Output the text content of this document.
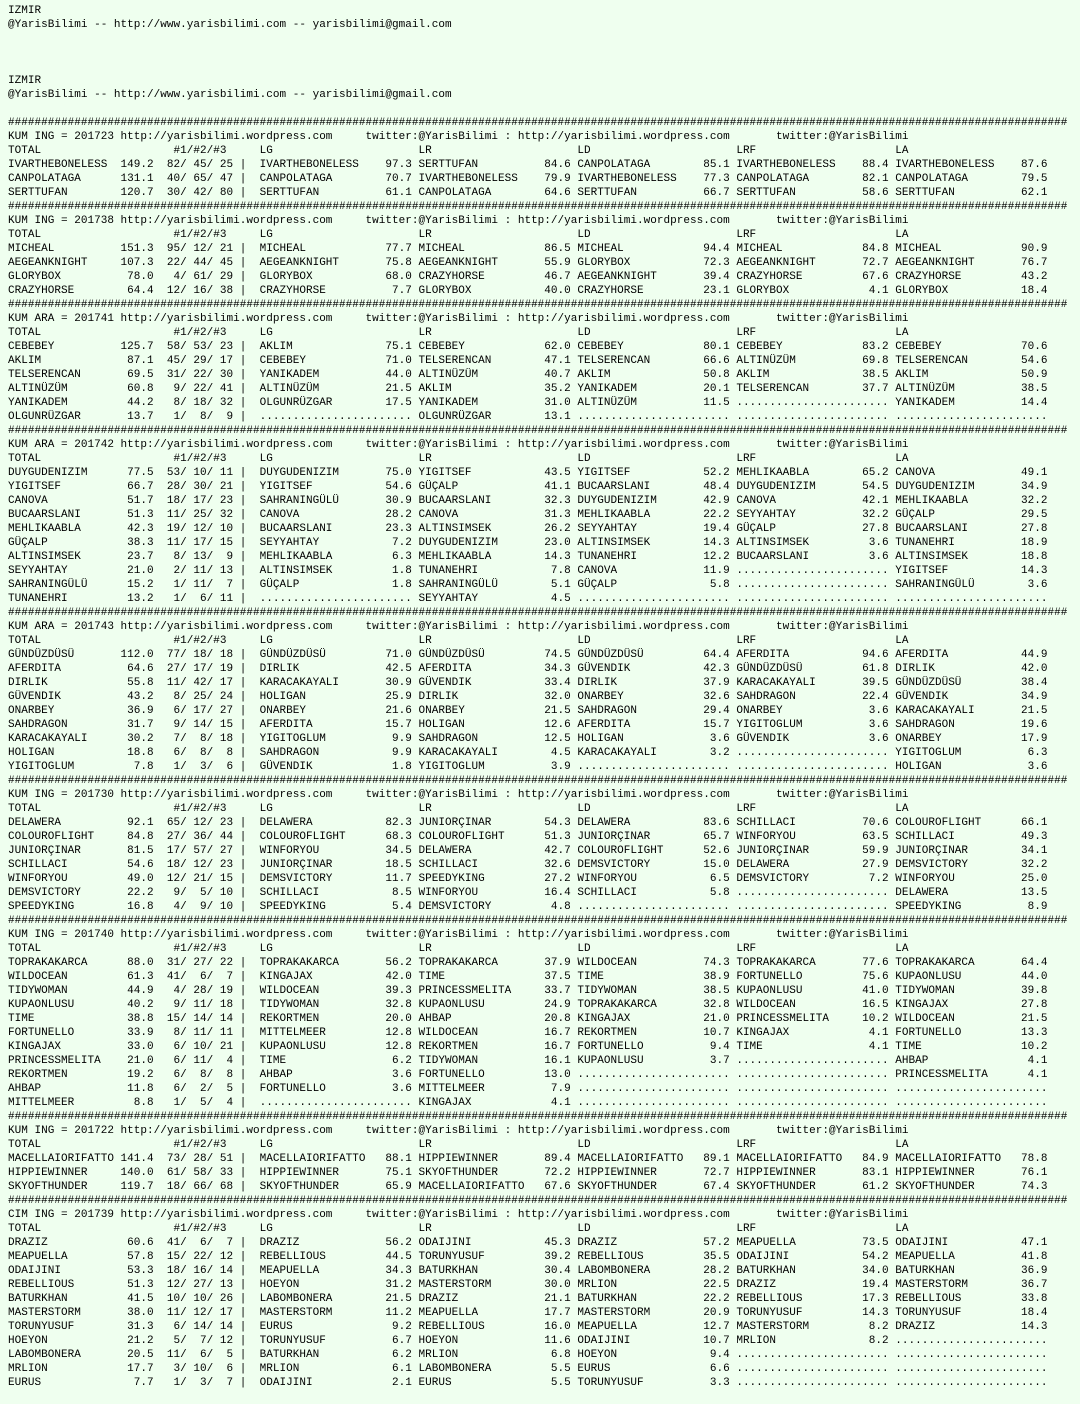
IZMIR
@YarisBilimi -- http://www.yarisbilimi.com -- yarisbilimi@gmail.com
IZMIR
@YarisBilimi -- http://www.yarisbilimi.com -- yarisbilimi@gmail.com
################################################################################################################################################################
KUM ING = 201723 http://yarisbilimi.wordpress.com     twitter:@YarisBilimi : http://yarisbilimi.wordpress.com       twitter:@YarisBilimi
TOTAL                    #1/#2/#3     LG                      LR                      LD                      LRF                     LA
IVARTHEBONELESS  149.2  82/ 45/ 25 |  IVARTHEBONELESS    97.3 SERTTUFAN          84.6 CANPOLATAGA        85.1 IVARTHEBONELESS    88.4 IVARTHEBONELESS    87.6
CANPOLATAGA      131.1  40/ 65/ 47 |  CANPOLATAGA        70.7 IVARTHEBONELESS    79.9 IVARTHEBONELESS    77.3 CANPOLATAGA        82.1 CANPOLATAGA        79.5
SERTTUFAN        120.7  30/ 42/ 80 |  SERTTUFAN          61.1 CANPOLATAGA        64.6 SERTTUFAN          66.7 SERTTUFAN          58.6 SERTTUFAN          62.1
################################################################################################################################################################
KUM ING = 201738 http://yarisbilimi.wordpress.com     twitter:@YarisBilimi : http://yarisbilimi.wordpress.com       twitter:@YarisBilimi
TOTAL                    #1/#2/#3     LG                      LR                      LD                      LRF                     LA
MICHEAL          151.3  95/ 12/ 21 |  MICHEAL            77.7 MICHEAL            86.5 MICHEAL            94.4 MICHEAL            84.8 MICHEAL            90.9
AEGEANKNIGHT     107.3  22/ 44/ 45 |  AEGEANKNIGHT       75.8 AEGEANKNIGHT       55.9 GLORYBOX           72.3 AEGEANKNIGHT       72.7 AEGEANKNIGHT       76.7
GLORYBOX          78.0   4/ 61/ 29 |  GLORYBOX           68.0 CRAZYHORSE         46.7 AEGEANKNIGHT       39.4 CRAZYHORSE         67.6 CRAZYHORSE         43.2
CRAZYHORSE        64.4  12/ 16/ 38 |  CRAZYHORSE          7.7 GLORYBOX           40.0 CRAZYHORSE         23.1 GLORYBOX            4.1 GLORYBOX           18.4
################################################################################################################################################################
KUM ARA = 201741 http://yarisbilimi.wordpress.com     twitter:@YarisBilimi : http://yarisbilimi.wordpress.com       twitter:@YarisBilimi
TOTAL                    #1/#2/#3     LG                      LR                      LD                      LRF                     LA
CEBEBEY          125.7  58/ 53/ 23 |  AKLIM              75.1 CEBEBEY            62.0 CEBEBEY            80.1 CEBEBEY            83.2 CEBEBEY            70.6
AKLIM             87.1  45/ 29/ 17 |  CEBEBEY            71.0 TELSERENCAN        47.1 TELSERENCAN        66.6 ALTINÜZÜM          69.8 TELSERENCAN        54.6
TELSERENCAN       69.5  31/ 22/ 30 |  YANIKADEM          44.0 ALTINÜZÜM          40.7 AKLIM              50.8 AKLIM              38.5 AKLIM              50.9
ALTINÜZÜM         60.8   9/ 22/ 41 |  ALTINÜZÜM          21.5 AKLIM              35.2 YANIKADEM          20.1 TELSERENCAN        37.7 ALTINÜZÜM          38.5
YANIKADEM         44.2   8/ 18/ 32 |  OLGUNRÜZGAR        17.5 YANIKADEM          31.0 ALTINÜZÜM          11.5 ....................... YANIKADEM          14.4
OLGUNRÜZGAR       13.7   1/  8/  9 |  ....................... OLGUNRÜZGAR        13.1 ....................... ....................... .......................
################################################################################################################################################################
KUM ARA = 201742 http://yarisbilimi.wordpress.com     twitter:@YarisBilimi : http://yarisbilimi.wordpress.com       twitter:@YarisBilimi
TOTAL                    #1/#2/#3     LG                      LR                      LD                      LRF                     LA
DUYGUDENIZIM      77.5  53/ 10/ 11 |  DUYGUDENIZIM       75.0 YIGITSEF           43.5 YIGITSEF           52.2 MEHLIKAABLA        65.2 CANOVA             49.1
YIGITSEF          66.7  28/ 30/ 21 |  YIGITSEF           54.6 GÜÇALP             41.1 BUCAARSLANI        48.4 DUYGUDENIZIM       54.5 DUYGUDENIZIM       34.9
CANOVA            51.7  18/ 17/ 23 |  SAHRANINGÜLÜ       30.9 BUCAARSLANI        32.3 DUYGUDENIZIM       42.9 CANOVA             42.1 MEHLIKAABLA        32.2
BUCAARSLANI       51.3  11/ 25/ 32 |  CANOVA             28.2 CANOVA             31.3 MEHLIKAABLA        22.2 SEYYAHTAY          32.2 GÜÇALP             29.5
MEHLIKAABLA       42.3  19/ 12/ 10 |  BUCAARSLANI        23.3 ALTINSIMSEK        26.2 SEYYAHTAY          19.4 GÜÇALP             27.8 BUCAARSLANI        27.8
GÜÇALP            38.3  11/ 17/ 15 |  SEYYAHTAY           7.2 DUYGUDENIZIM       23.0 ALTINSIMSEK        14.3 ALTINSIMSEK         3.6 TUNANEHRI          18.9
ALTINSIMSEK       23.7   8/ 13/  9 |  MEHLIKAABLA         6.3 MEHLIKAABLA        14.3 TUNANEHRI          12.2 BUCAARSLANI         3.6 ALTINSIMSEK        18.8
SEYYAHTAY         21.0   2/ 11/ 13 |  ALTINSIMSEK         1.8 TUNANEHRI           7.8 CANOVA             11.9 ....................... YIGITSEF           14.3
SAHRANINGÜLÜ      15.2   1/ 11/  7 |  GÜÇALP              1.8 SAHRANINGÜLÜ        5.1 GÜÇALP              5.8 ....................... SAHRANINGÜLÜ        3.6
TUNANEHRI         13.2   1/  6/ 11 |  ....................... SEYYAHTAY           4.5 ....................... ....................... .......................
################################################################################################################################################################
KUM ARA = 201743 http://yarisbilimi.wordpress.com     twitter:@YarisBilimi : http://yarisbilimi.wordpress.com       twitter:@YarisBilimi
TOTAL                    #1/#2/#3     LG                      LR                      LD                      LRF                     LA
GÜNDÜZDÜSÜ       112.0  77/ 18/ 18 |  GÜNDÜZDÜSÜ         71.0 GÜNDÜZDÜSÜ         74.5 GÜNDÜZDÜSÜ         64.4 AFERDITA           94.6 AFERDITA           44.9
AFERDITA          64.6  27/ 17/ 19 |  DIRLIK             42.5 AFERDITA           34.3 GÜVENDIK           42.3 GÜNDÜZDÜSÜ         61.8 DIRLIK             42.0
DIRLIK            55.8  11/ 42/ 17 |  KARACAKAYALI       30.9 GÜVENDIK           33.4 DIRLIK             37.9 KARACAKAYALI       39.5 GÜNDÜZDÜSÜ         38.4
GÜVENDIK          43.2   8/ 25/ 24 |  HOLIGAN            25.9 DIRLIK             32.0 ONARBEY            32.6 SAHDRAGON          22.4 GÜVENDIK           34.9
ONARBEY           36.9   6/ 17/ 27 |  ONARBEY            21.6 ONARBEY            21.5 SAHDRAGON          29.4 ONARBEY             3.6 KARACAKAYALI       21.5
SAHDRAGON         31.7   9/ 14/ 15 |  AFERDITA           15.7 HOLIGAN            12.6 AFERDITA           15.7 YIGITOGLUM          3.6 SAHDRAGON          19.6
KARACAKAYALI      30.2   7/  8/ 18 |  YIGITOGLUM          9.9 SAHDRAGON          12.5 HOLIGAN             3.6 GÜVENDIK            3.6 ONARBEY            17.9
HOLIGAN           18.8   6/  8/  8 |  SAHDRAGON           9.9 KARACAKAYALI        4.5 KARACAKAYALI        3.2 ....................... YIGITOGLUM          6.3
YIGITOGLUM         7.8   1/  3/  6 |  GÜVENDIK            1.8 YIGITOGLUM          3.9 ....................... ....................... HOLIGAN             3.6
################################################################################################################################################################
KUM ING = 201730 http://yarisbilimi.wordpress.com     twitter:@YarisBilimi : http://yarisbilimi.wordpress.com       twitter:@YarisBilimi
TOTAL                    #1/#2/#3     LG                      LR                      LD                      LRF                     LA
DELAWERA          92.1  65/ 12/ 23 |  DELAWERA           82.3 JUNIORÇINAR        54.3 DELAWERA           83.6 SCHILLACI          70.6 COLOUROFLIGHT      66.1
COLOUROFLIGHT     84.8  27/ 36/ 44 |  COLOUROFLIGHT      68.3 COLOUROFLIGHT      51.3 JUNIORÇINAR        65.7 WINFORYOU          63.5 SCHILLACI          49.3
JUNIORÇINAR       81.5  17/ 57/ 27 |  WINFORYOU          34.5 DELAWERA           42.7 COLOUROFLIGHT      52.6 JUNIORÇINAR        59.9 JUNIORÇINAR        34.1
SCHILLACI         54.6  18/ 12/ 23 |  JUNIORÇINAR        18.5 SCHILLACI          32.6 DEMSVICTORY        15.0 DELAWERA           27.9 DEMSVICTORY        32.2
WINFORYOU         49.0  12/ 21/ 15 |  DEMSVICTORY        11.7 SPEEDYKING         27.2 WINFORYOU           6.5 DEMSVICTORY         7.2 WINFORYOU          25.0
DEMSVICTORY       22.2   9/  5/ 10 |  SCHILLACI           8.5 WINFORYOU          16.4 SCHILLACI           5.8 ....................... DELAWERA           13.5
SPEEDYKING        16.8   4/  9/ 10 |  SPEEDYKING          5.4 DEMSVICTORY         4.8 ....................... ....................... SPEEDYKING          8.9
################################################################################################################################################################
KUM ING = 201740 http://yarisbilimi.wordpress.com     twitter:@YarisBilimi : http://yarisbilimi.wordpress.com       twitter:@YarisBilimi
TOTAL                    #1/#2/#3     LG                      LR                      LD                      LRF                     LA
TOPRAKAKARCA      88.0  31/ 27/ 22 |  TOPRAKAKARCA       56.2 TOPRAKAKARCA       37.9 WILDOCEAN          74.3 TOPRAKAKARCA       77.6 TOPRAKAKARCA       64.4
WILDOCEAN         61.3  41/  6/  7 |  KINGAJAX           42.0 TIME               37.5 TIME               38.9 FORTUNELLO         75.6 KUPAONLUSU         44.0
TIDYWOMAN         44.9   4/ 28/ 19 |  WILDOCEAN          39.3 PRINCESSMELITA     33.7 TIDYWOMAN          38.5 KUPAONLUSU         41.0 TIDYWOMAN          39.8
KUPAONLUSU        40.2   9/ 11/ 18 |  TIDYWOMAN          32.8 KUPAONLUSU         24.9 TOPRAKAKARCA       32.8 WILDOCEAN          16.5 KINGAJAX           27.8
TIME              38.8  15/ 14/ 14 |  REKORTMEN          20.0 AHBAP              20.8 KINGAJAX           21.0 PRINCESSMELITA     10.2 WILDOCEAN          21.5
FORTUNELLO        33.9   8/ 11/ 11 |  MITTELMEER         12.8 WILDOCEAN          16.7 REKORTMEN          10.7 KINGAJAX            4.1 FORTUNELLO         13.3
KINGAJAX          33.0   6/ 10/ 21 |  KUPAONLUSU         12.8 REKORTMEN          16.7 FORTUNELLO          9.4 TIME                4.1 TIME               10.2
PRINCESSMELITA    21.0   6/ 11/  4 |  TIME                6.2 TIDYWOMAN          16.1 KUPAONLUSU          3.7 ....................... AHBAP               4.1
REKORTMEN         19.2   6/  8/  8 |  AHBAP               3.6 FORTUNELLO         13.0 ....................... ....................... PRINCESSMELITA      4.1
AHBAP             11.8   6/  2/  5 |  FORTUNELLO          3.6 MITTELMEER          7.9 ....................... ....................... .......................
MITTELMEER         8.8   1/  5/  4 |  ....................... KINGAJAX            4.1 ....................... ....................... .......................
################################################################################################################################################################
KUM ING = 201722 http://yarisbilimi.wordpress.com     twitter:@YarisBilimi : http://yarisbilimi.wordpress.com       twitter:@YarisBilimi
TOTAL                    #1/#2/#3     LG                      LR                      LD                      LRF                     LA
MACELLAIORIFATTO 141.4  73/ 28/ 51 |  MACELLAIORIFATTO   88.1 HIPPIEWINNER       89.4 MACELLAIORIFATTO   89.1 MACELLAIORIFATTO   84.9 MACELLAIORIFATTO   78.8
HIPPIEWINNER     140.0  61/ 58/ 33 |  HIPPIEWINNER       75.1 SKYOFTHUNDER       72.2 HIPPIEWINNER       72.7 HIPPIEWINNER       83.1 HIPPIEWINNER       76.1
SKYOFTHUNDER     119.7  18/ 66/ 68 |  SKYOFTHUNDER       65.9 MACELLAIORIFATTO   67.6 SKYOFTHUNDER       67.4 SKYOFTHUNDER       61.2 SKYOFTHUNDER       74.3
################################################################################################################################################################
CIM ING = 201739 http://yarisbilimi.wordpress.com     twitter:@YarisBilimi : http://yarisbilimi.wordpress.com       twitter:@YarisBilimi
TOTAL                    #1/#2/#3     LG                      LR                      LD                      LRF                     LA
DRAZIZ            60.6  41/  6/  7 |  DRAZIZ             56.2 ODAIJINI           45.3 DRAZIZ             57.2 MEAPUELLA          73.5 ODAIJINI           47.1
MEAPUELLA         57.8  15/ 22/ 12 |  REBELLIOUS         44.5 TORUNYUSUF         39.2 REBELLIOUS         35.5 ODAIJINI           54.2 MEAPUELLA          41.8
ODAIJINI          53.3  18/ 16/ 14 |  MEAPUELLA          34.3 BATURKHAN          30.4 LABOMBONERA        28.2 BATURKHAN          34.0 BATURKHAN          36.9
REBELLIOUS        51.3  12/ 27/ 13 |  HOEYON             31.2 MASTERSTORM        30.0 MRLION             22.5 DRAZIZ             19.4 MASTERSTORM        36.7
BATURKHAN         41.5  10/ 10/ 26 |  LABOMBONERA        21.5 DRAZIZ             21.1 BATURKHAN          22.2 REBELLIOUS         17.3 REBELLIOUS         33.8
MASTERSTORM       38.0  11/ 12/ 17 |  MASTERSTORM        11.2 MEAPUELLA          17.7 MASTERSTORM        20.9 TORUNYUSUF         14.3 TORUNYUSUF         18.4
TORUNYUSUF        31.3   6/ 14/ 14 |  EURUS               9.2 REBELLIOUS         16.0 MEAPUELLA          12.7 MASTERSTORM         8.2 DRAZIZ             14.3
HOEYON            21.2   5/  7/ 12 |  TORUNYUSUF          6.7 HOEYON             11.6 ODAIJINI           10.7 MRLION              8.2 .......................
LABOMBONERA       20.5  11/  6/  5 |  BATURKHAN           6.2 MRLION              6.8 HOEYON              9.4 ....................... .......................
MRLION            17.7   3/ 10/  6 |  MRLION              6.1 LABOMBONERA         5.5 EURUS               6.6 ....................... .......................
EURUS              7.7   1/  3/  7 |  ODAIJINI            2.1 EURUS               5.5 TORUNYUSUF          3.3 ....................... .......................
